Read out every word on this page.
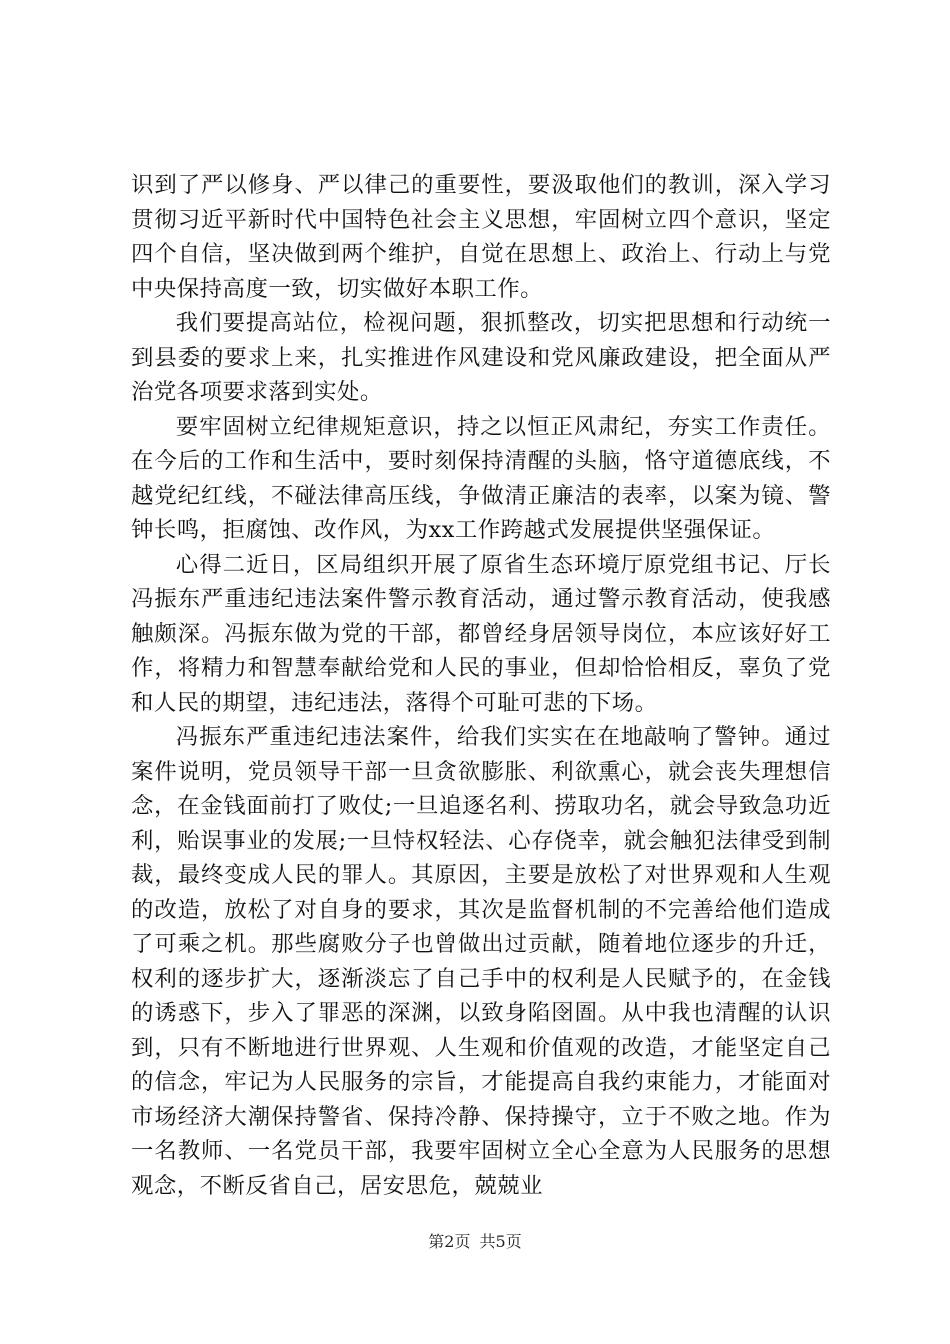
识到了严以修身、严以律己的重要性，要汲取他们的教训，深入学习贯彻习近平新时代中国特色社会主义思想，牢固树立四个意识，坚定四个自信，坚决做到两个维护，自觉在思想上、政治上、行动上与党中央保持高度一致，切实做好本职工作。

我们要提高站位，检视问题，狠抓整改，切实把思想和行动统一到县委的要求上来，扎实推进作风建设和党风廉政建设，把全面从严治党各项要求落到实处。

要牢固树立纪律规矩意识，持之以恒正风肃纪，夯实工作责任。在今后的工作和生活中，要时刻保持清醒的头脑，恪守道德底线，不越党纪红线，不碰法律高压线，争做清正廉洁的表率，以案为镜、警钟长鸣，拒腐蚀、改作风，为xx工作跨越式发展提供坚强保证。

心得二近日，区局组织开展了原省生态环境厅原党组书记、厅长冯振东严重违纪违法案件警示教育活动，通过警示教育活动，使我感触颇深。冯振东做为党的干部，都曾经身居领导岗位，本应该好好工作，将精力和智慧奉献给党和人民的事业，但却恰恰相反，辜负了党和人民的期望，违纪违法，落得个可耻可悲的下场。

冯振东严重违纪违法案件，给我们实实在在地敲响了警钟。通过案件说明，党员领导干部一旦贪欲膨胀、利欲熏心，就会丧失理想信念，在金钱面前打了败仗;一旦追逐名利、捞取功名，就会导致急功近利，贻误事业的发展;一旦恃权轻法、心存侥幸，就会触犯法律受到制裁，最终变成人民的罪人。其原因，主要是放松了对世界观和人生观的改造，放松了对自身的要求，其次是监督机制的不完善给他们造成了可乘之机。那些腐败分子也曾做出过贡献，随着地位逐步的升迁，权利的逐步扩大，逐渐淡忘了自己手中的权利是人民赋予的，在金钱的诱惑下，步入了罪恶的深渊，以致身陷囹圄。从中我也清醒的认识到，只有不断地进行世界观、人生观和价值观的改造，才能坚定自己的信念，牢记为人民服务的宗旨，才能提高自我约束能力，才能面对市场经济大潮保持警省、保持冷静、保持操守，立于不败之地。作为一名教师、一名党员干部，我要牢固树立全心全意为人民服务的思想观念，不断反省自己，居安思危，兢兢业

第2页 共5页
